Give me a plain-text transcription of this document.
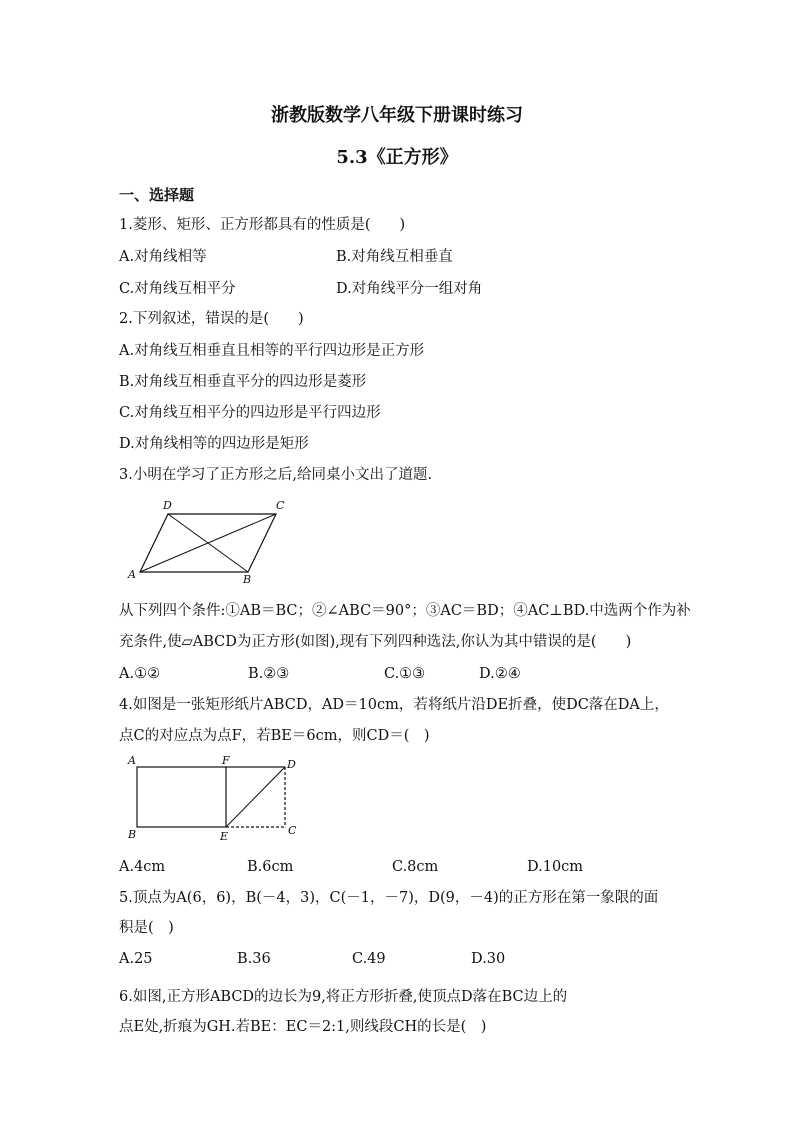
浙教版数学八年级下册课时练习
5.3《正方形》
一、选择题
1.菱形、矩形、正方形都具有的性质是(　　)
A.对角线相等	B.对角线互相垂直
C.对角线互相平分	D.对角线平分一组对角
2.下列叙述，错误的是(　　)
A.对角线互相垂直且相等的平行四边形是正方形
B.对角线互相垂直平分的四边形是菱形
C.对角线互相平分的四边形是平行四边形
D.对角线相等的四边形是矩形
3.小明在学习了正方形之后,给同桌小文出了道题.
D	C
A	B
从下列四个条件:①AB＝BC；②∠ABC＝90°；③AC＝BD；④AC⊥BD.中选两个作为补
充条件,使▱ABCD为正方形(如图),现有下列四种选法,你认为其中错误的是(　　)
A.①②	B.②③	C.①③	D.②④
4.如图是一张矩形纸片ABCD，AD＝10cm，若将纸片沿DE折叠，使DC落在DA上，
点C的对应点为点F，若BE＝6cm，则CD＝(　)
A	F	D
B	E	C
A.4cm	B.6cm	C.8cm	D.10cm
5.顶点为A(6，6)，B(－4，3)，C(－1，－7)，D(9，－4)的正方形在第一象限的面
积是(　)
A.25	B.36	C.49	D.30
6.如图,正方形ABCD的边长为9,将正方形折叠,使顶点D落在BC边上的
点E处,折痕为GH.若BE：EC＝2:1,则线段CH的长是(　)
